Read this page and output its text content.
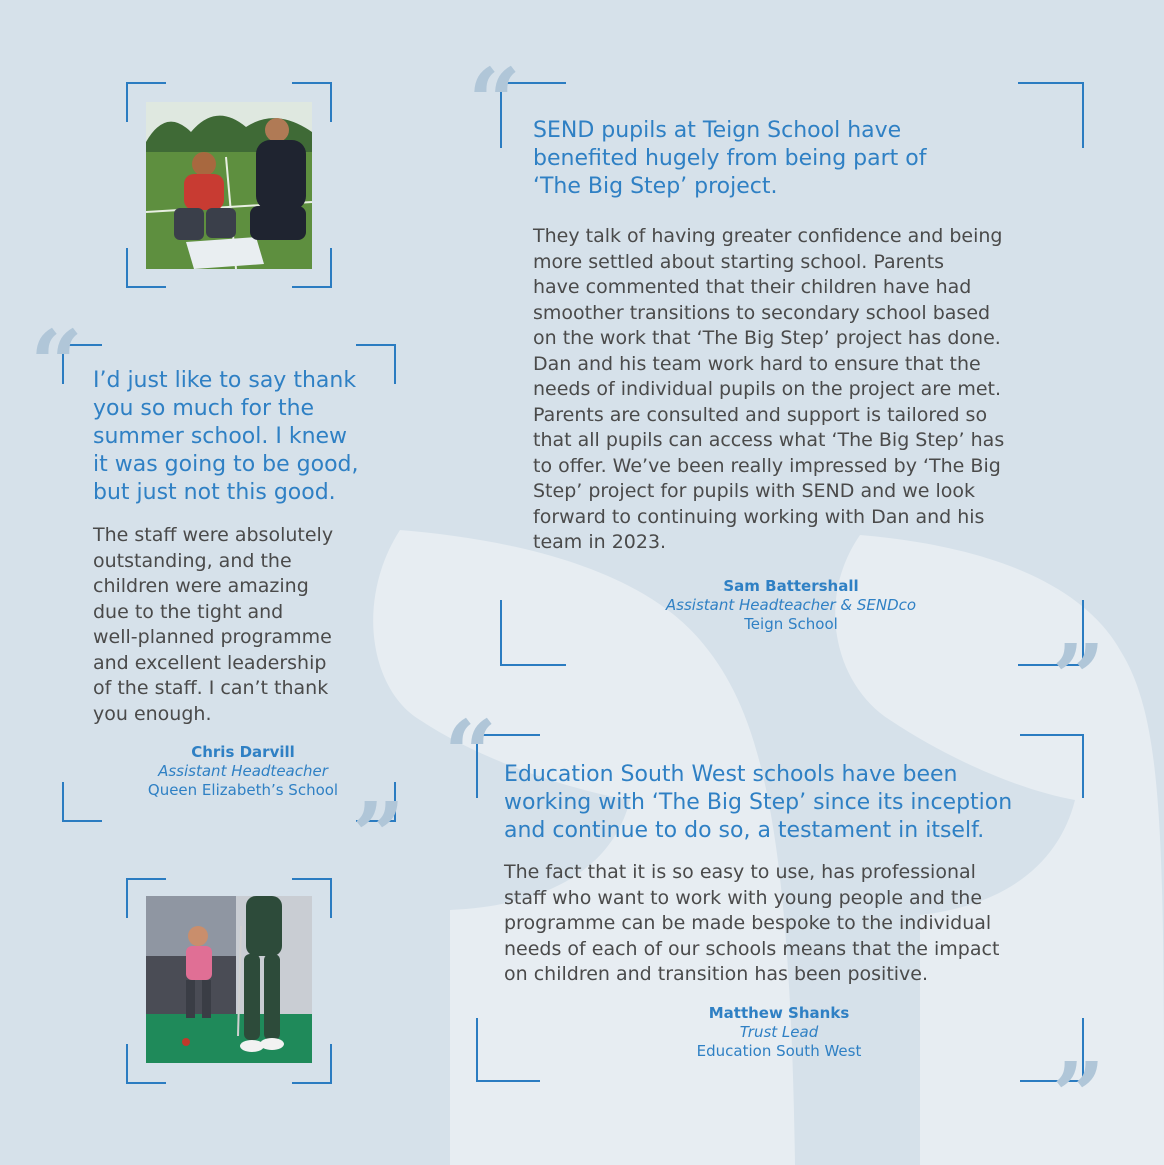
“
”
I’d just like to say thank
you so much for the
summer school. I knew
it was going to be good,
but just not this good.
The staff were absolutely
outstanding, and the
children were amazing
due to the tight and
well-planned programme
and excellent leadership
of the staff. I can’t thank
you enough.
Chris Darvill
Assistant Headteacher
Queen Elizabeth’s School
“
”
SEND pupils at Teign School have
benefited hugely from being part of
‘The Big Step’ project.
They talk of having greater confidence and being
more settled about starting school. Parents
have commented that their children have had
smoother transitions to secondary school based
on the work that ‘The Big Step’ project has done.
Dan and his team work hard to ensure that the
needs of individual pupils on the project are met.
Parents are consulted and support is tailored so
that all pupils can access what ‘The Big Step’ has
to offer. We’ve been really impressed by ‘The Big
Step’ project for pupils with SEND and we look
forward to continuing working with Dan and his
team in 2023.
Sam Battershall
Assistant Headteacher & SENDco
Teign School
“
”
Education South West schools have been
working with ‘The Big Step’ since its inception
and continue to do so, a testament in itself.
The fact that it is so easy to use, has professional
staff who want to work with young people and the
programme can be made bespoke to the individual
needs of each of our schools means that the impact
on children and transition has been positive.
Matthew Shanks
Trust Lead
Education South West
